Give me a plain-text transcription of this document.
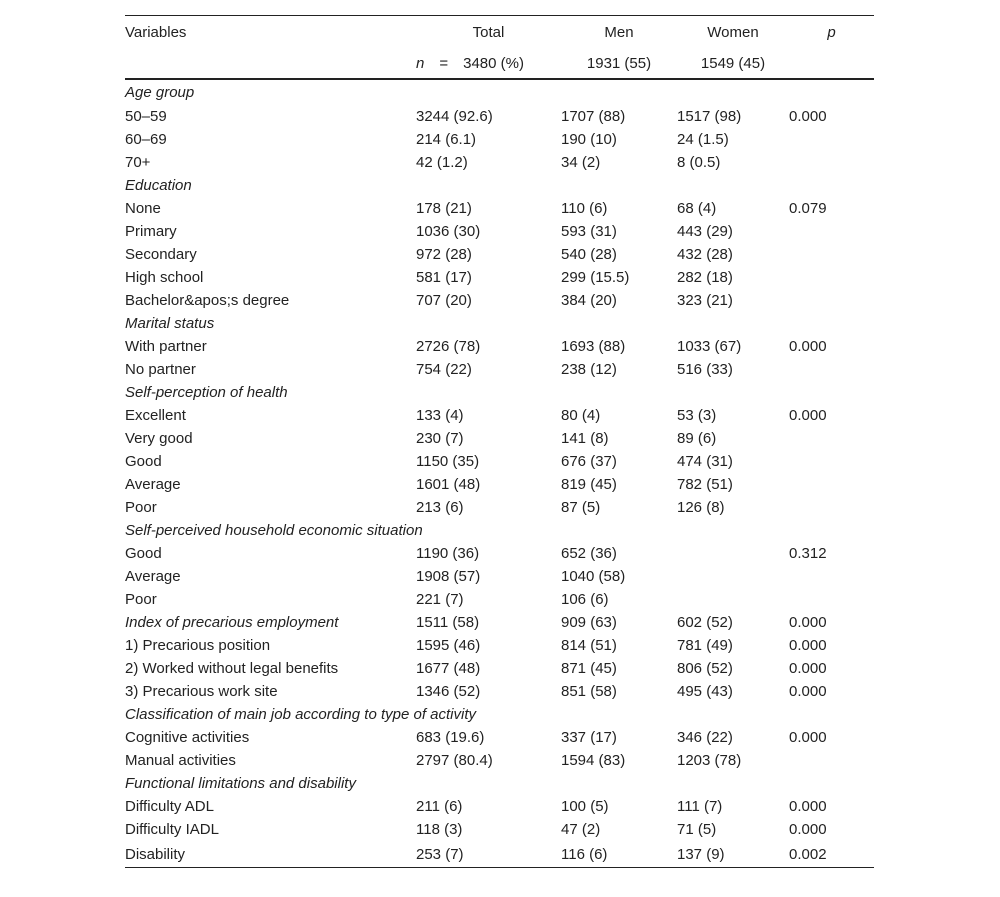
Variables	Total	Men	Women	p
	n = 3480 (%)	1931 (55)	1549 (45)	
Age group				
50–59	3244 (92.6)	1707 (88)	1517 (98)	0.000
60–69	214 (6.1)	190 (10)	24 (1.5)	
70+	42 (1.2)	34 (2)	8 (0.5)	
Education				
None	178 (21)	110 (6)	68 (4)	0.079
Primary	1036 (30)	593 (31)	443 (29)	
Secondary	972 (28)	540 (28)	432 (28)	
High school	581 (17)	299 (15.5)	282 (18)	
Bachelor&apos;s degree	707 (20)	384 (20)	323 (21)	
Marital status				
With partner	2726 (78)	1693 (88)	1033 (67)	0.000
No partner	754 (22)	238 (12)	516 (33)	
Self-perception of health				
Excellent	133 (4)	80 (4)	53 (3)	0.000
Very good	230 (7)	141 (8)	89 (6)	
Good	1150 (35)	676 (37)	474 (31)	
Average	1601 (48)	819 (45)	782 (51)	
Poor	213 (6)	87 (5)	126 (8)	
Self-perceived household economic situation				
Good	1190 (36)	652 (36)		0.312
Average	1908 (57)	1040 (58)		
Poor	221 (7)	106 (6)		
Index of precarious employment	1511 (58)	909 (63)	602 (52)	0.000
1) Precarious position	1595 (46)	814 (51)	781 (49)	0.000
2) Worked without legal benefits	1677 (48)	871 (45)	806 (52)	0.000
3) Precarious work site	1346 (52)	851 (58)	495 (43)	0.000
Classification of main job according to type of activity				
Cognitive activities	683 (19.6)	337 (17)	346 (22)	0.000
Manual activities	2797 (80.4)	1594 (83)	1203 (78)	
Functional limitations and disability				
Difficulty ADL	211 (6)	100 (5)	111 (7)	0.000
Difficulty IADL	118 (3)	47 (2)	71 (5)	0.000
Disability	253 (7)	116 (6)	137 (9)	0.002
